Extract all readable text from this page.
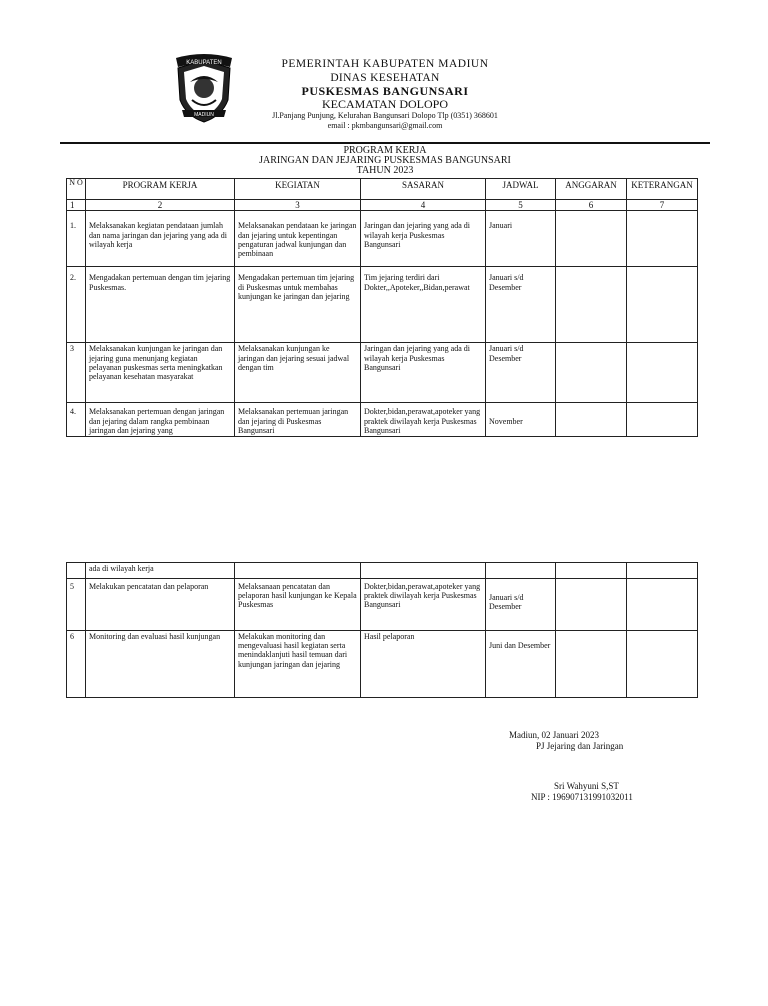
KABUPATEN
MADIUN
PEMERINTAH KABUPATEN MADIUN
DINAS KESEHATAN
PUSKESMAS BANGUNSARI
KECAMATAN DOLOPO
Jl.Panjang Punjung, Kelurahan Bangunsari Dolopo Tlp (0351) 368601
email : pkmbangunsari@gmail.com
PROGRAM KERJA
JARINGAN DAN JEJARING PUSKESMAS BANGUNSARI
TAHUN 2023
N O	PROGRAM KERJA	KEGIATAN	SASARAN	JADWAL	ANGGARAN	KETERANGAN
1	2	3	4	5	6	7
1.	Melaksanakan kegiatan pendataan jumlah dan nama jaringan dan jejaring yang ada di wilayah kerja	Melaksanakan pendataan ke jaringan dan jejaring untuk kepentingan pengaturan jadwal kunjungan dan pembinaan	Jaringan dan jejaring yang ada di wilayah kerja Puskesmas Bangunsari	Januari		
2.	Mengadakan pertemuan dengan tim jejaring Puskesmas.	Mengadakan pertemuan tim jejaring di Puskesmas untuk membahas kunjungan ke jaringan dan jejaring	Tim jejaring terdiri dari Dokter,,Apoteker,,Bidan,perawat	Januari s/d Desember		
3	Melaksanakan kunjungan ke jaringan dan jejaring guna menunjang kegiatan pelayanan puskesmas serta meningkatkan pelayanan kesehatan masyarakat	Melaksanakan kunjungan ke jaringan dan jejaring sesuai jadwal dengan tim	Jaringan dan jejaring yang ada di wilayah kerja Puskesmas Bangunsari	Januari s/d Desember		
4.	Melaksanakan pertemuan dengan jaringan dan jejaring dalam rangka pembinaan jaringan dan jejaring yang	Melaksanakan pertemuan jaringan dan jejaring di Puskesmas Bangunsari	Dokter,bidan,perawat,apoteker yang praktek diwilayah kerja Puskesmas Bangunsari	November		
	ada di wilayah kerja					
5	Melakukan pencatatan dan pelaporan	Melaksanaan pencatatan dan pelaporan hasil kunjungan ke Kepala Puskesmas	Dokter,bidan,perawat,apoteker yang praktek diwilayah kerja Puskesmas Bangunsari	Januari s/d Desember		
6	Monitoring dan evaluasi hasil kunjungan	Melakukan monitoring dan mengevaluasi hasil kegiatan serta menindaklanjuti hasil temuan dari kunjungan jaringan dan jejaring	Hasil pelaporan	Juni dan Desember		
Madiun, 02 Januari 2023
PJ Jejaring dan Jaringan
Sri Wahyuni S,ST
NIP : 196907131991032011
